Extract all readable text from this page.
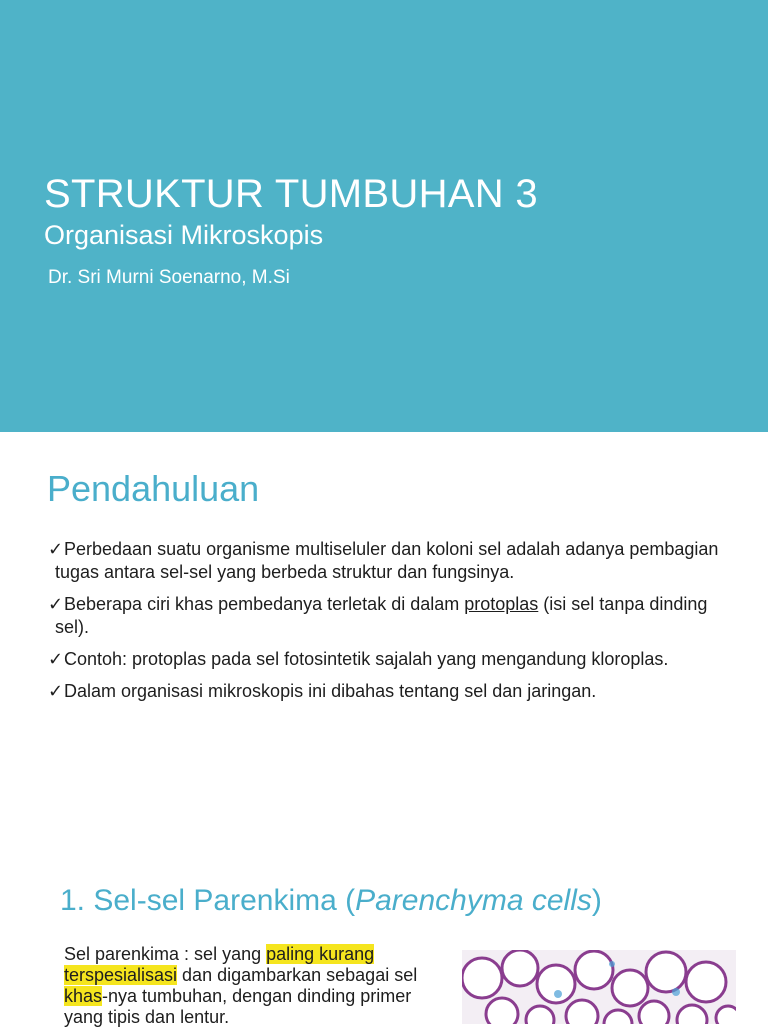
STRUKTUR TUMBUHAN 3
Organisasi Mikroskopis
Dr. Sri Murni Soenarno, M.Si
Pendahuluan
✓Perbedaan suatu organisme multiseluler dan koloni sel adalah adanya pembagian tugas antara sel-sel yang berbeda struktur dan fungsinya.
✓Beberapa ciri khas pembedanya terletak di dalam protoplas (isi sel tanpa dinding sel).
✓Contoh: protoplas pada sel fotosintetik sajalah yang mengandung kloroplas.
✓Dalam organisasi mikroskopis ini dibahas tentang sel dan jaringan.
1. Sel-sel Parenkima (Parenchyma cells)
Sel parenkima : sel yang paling kurang terspesialisasi dan digambarkan sebagai sel khas-nya tumbuhan, dengan dinding primer yang tipis dan lentur.
